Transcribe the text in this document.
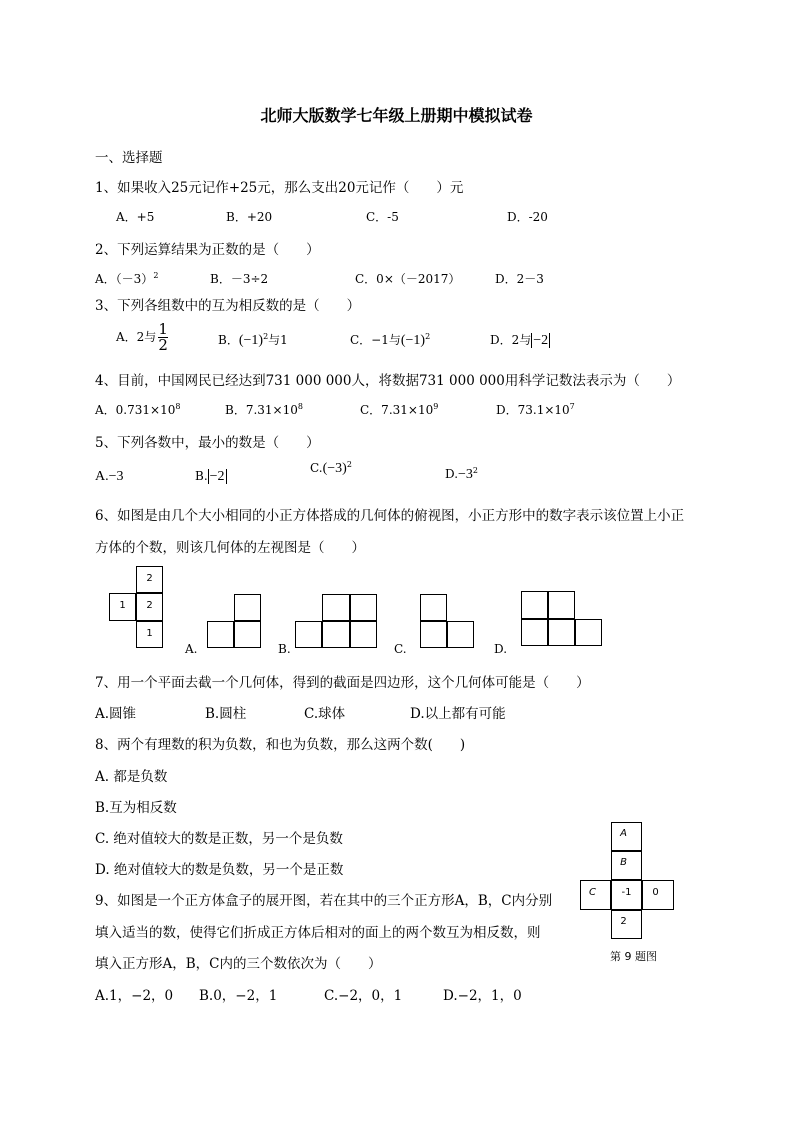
北师大版数学七年级上册期中模拟试卷
一、选择题
1、如果收入25元记作+25元，那么支出20元记作（　　）元
A．+5	B．+20	C．-5	D．-20
2、下列运算结果为正数的是（　　）
A．$(-3)^2$	B．－3÷2	C．0×（－2017）	D．2－3
3、下列各组数中的互为相反数的是（　　）
A．2与 $\frac{1}{2}$	B．$(-1)^2$与1	C．−1与$(-1)^2$	D．2与 −2
4、目前，中国网民已经达到731 000 000人，将数据731 000 000用科学记数法表示为（　　）
A．$0.731\times 10^8$	B．$7.31\times 10^8$	C．$7.31\times 10^9$	D．$73.1\times 10^7$
5、下列各数中，最小的数是（　　）
A.−3	B. −2
$C.(-3)^2$
$D.-3^2$
6、如图是由几个大小相同的小正方体搭成的几何体的俯视图，小正方形中的数字表示该位置上小正
方体的个数，则该几何体的左视图是（　　）
2
1	2
1
A.	B.	C.	D.
7、用一个平面去截一个几何体，得到的截面是四边形，这个几何体可能是（　　）
A.圆锥	B.圆柱	C.球体	D.以上都有可能
8、两个有理数的积为负数，和也为负数，那么这两个数(　　)
A. 都是负数
B.互为相反数
C. 绝对值较大的数是正数，另一个是负数
D. 绝对值较大的数是负数，另一个是正数
9、如图是一个正方体盒子的展开图，若在其中的三个正方形A，B，C内分别
填入适当的数，使得它们折成正方体后相对的面上的两个数互为相反数，则
填入正方形A，B，C内的三个数依次为（　　）
A.1，−2，0 B.0，−2，1	C.−2，0，1	D.−2，1，0
A
B
C	-1	0
2
第 9 题图
